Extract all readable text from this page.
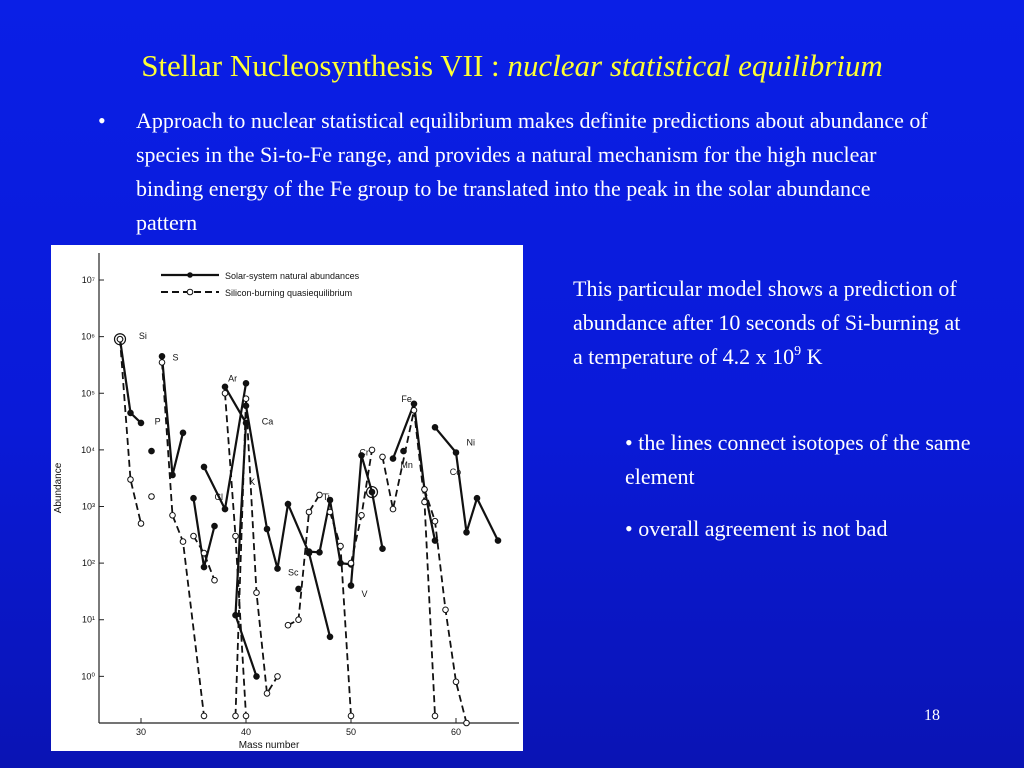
Stellar Nucleosynthesis VII : nuclear statistical equilibrium
• Approach to nuclear statistical equilibrium makes definite predictions about abundance of species in the Si-to-Fe range, and provides a natural mechanism for the high nuclear binding energy of the Fe group to be translated into the peak in the solar abundance pattern
10⁰
10¹
10²
10³
10⁴
10⁵
10⁶
10⁷
30	40	50	60
Mass number
Abundance
Solar-system natural abundances
Silicon-burning quasiequilibrium
Si
P
S
Cl
Ar
K
Ca
Sc
Ti
V
Cr
Mn
Fe
Co
Ni
This particular model shows a prediction of abundance after 10 seconds of Si-burning at a temperature of 4.2 x $10^9$ K
• the lines connect isotopes of the same element
• overall agreement is not bad
18
